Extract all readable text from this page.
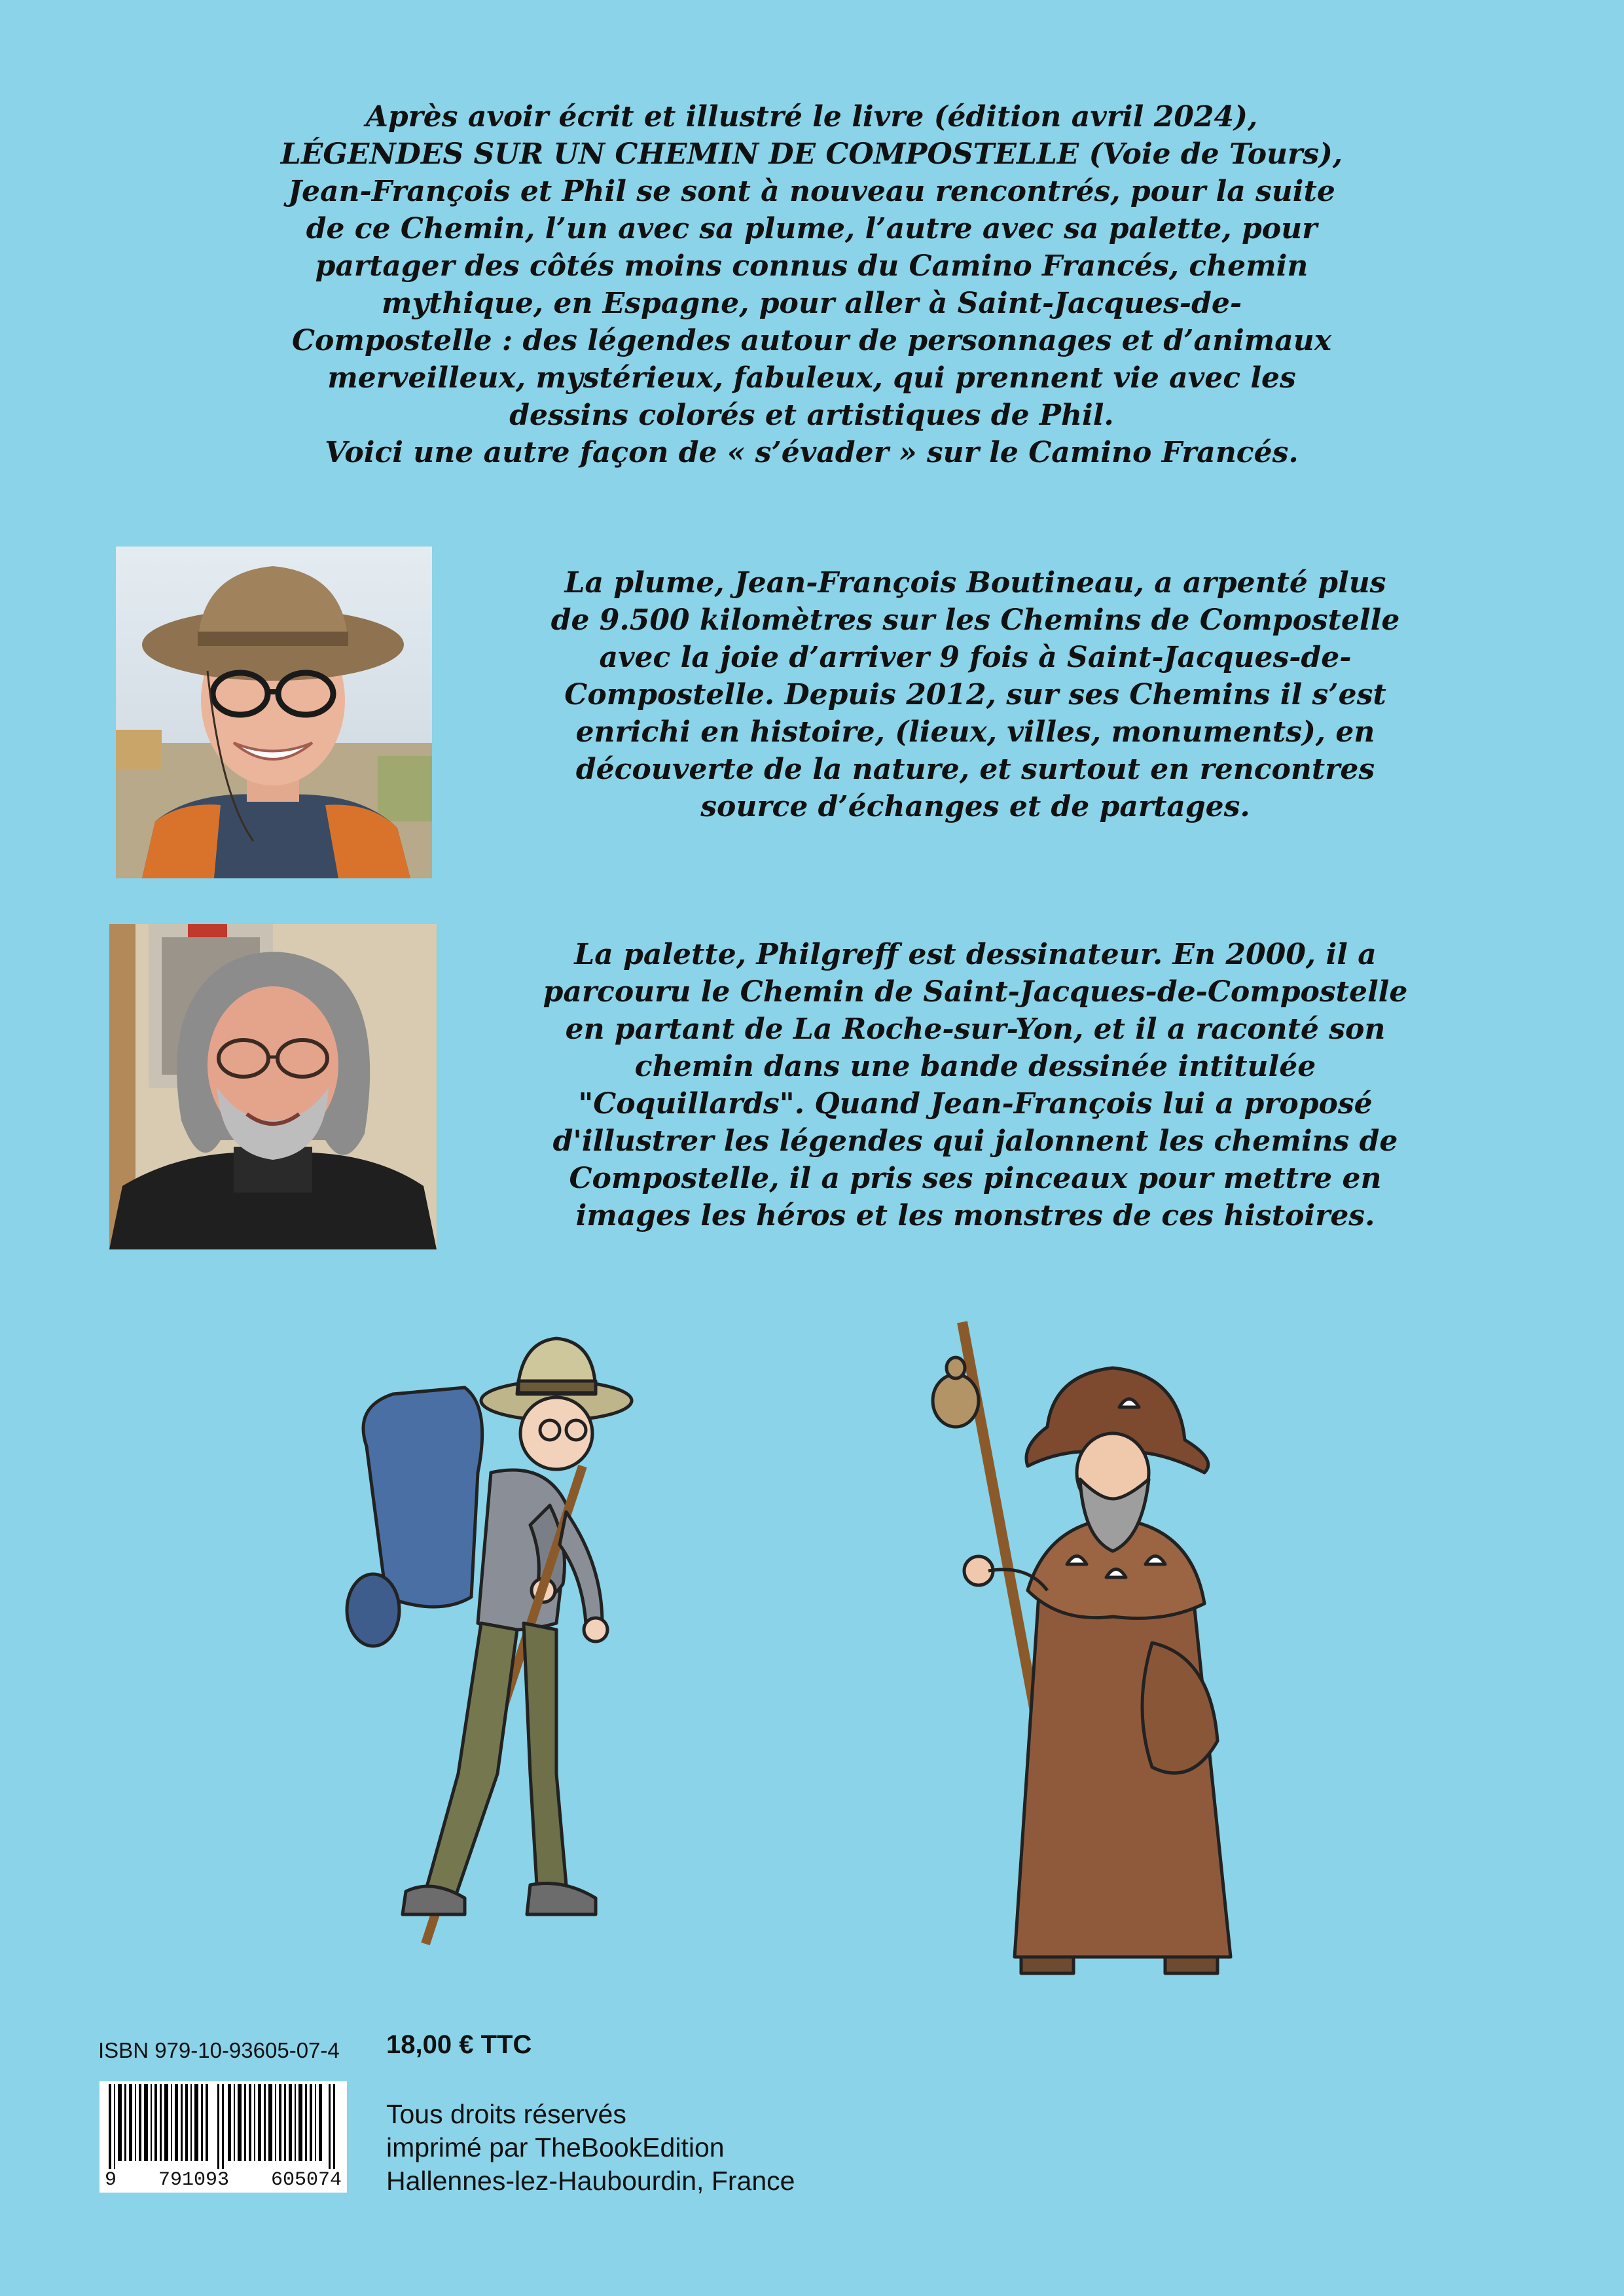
Après avoir écrit et illustré le livre (édition avril 2024),
LÉGENDES SUR UN CHEMIN DE COMPOSTELLE (Voie de Tours),
Jean-François et Phil se sont à nouveau rencontrés, pour la suite
de ce Chemin, l’un avec sa plume, l’autre avec sa palette, pour
partager des côtés moins connus du Camino Francés, chemin
mythique, en Espagne, pour aller à Saint-Jacques-de-
Compostelle : des légendes autour de personnages et d’animaux
merveilleux, mystérieux, fabuleux, qui prennent vie avec les
dessins colorés et artistiques de Phil.
Voici une autre façon de « s’évader » sur le Camino Francés.
La plume, Jean-François Boutineau, a arpenté plus
de 9.500 kilomètres sur les Chemins de Compostelle
avec la joie d’arriver 9 fois à Saint-Jacques-de-
Compostelle. Depuis 2012, sur ses Chemins il s’est
enrichi en histoire, (lieux, villes, monuments), en
découverte de la nature, et surtout en rencontres
source d’échanges et de partages.
La palette, Philgreff est dessinateur. En 2000, il a
parcouru le Chemin de Saint-Jacques-de-Compostelle
en partant de La Roche-sur-Yon, et il a raconté son
chemin dans une bande dessinée intitulée
"Coquillards". Quand Jean-François lui a proposé
d'illustrer les légendes qui jalonnent les chemins de
Compostelle, il a pris ses pinceaux pour mettre en
images les héros et les monstres de ces histoires.
ISBN 979-10-93605-07-4 18,00 € TTC
9 791093 605074
Tous droits réservés
imprimé par TheBookEdition
Hallennes-lez-Haubourdin, France
